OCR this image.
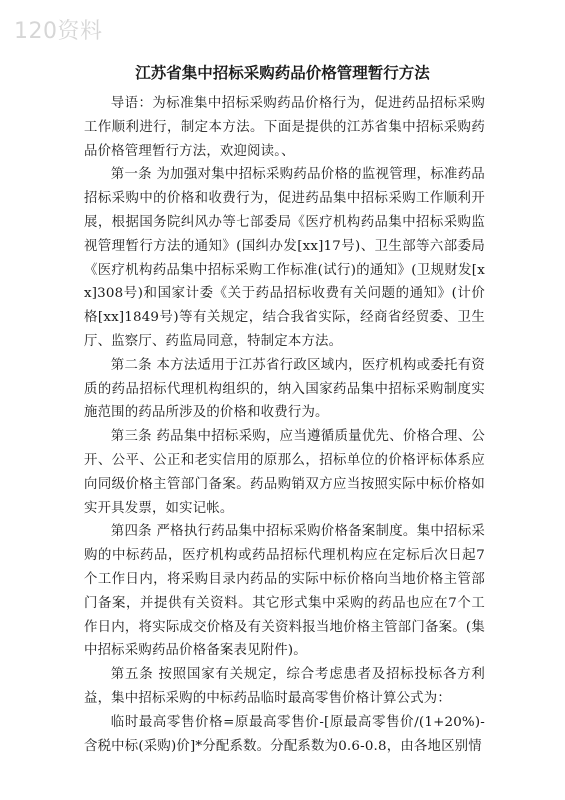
120资料
江苏省集中招标采购药品价格管理暂行方法

导语：为标准集中招标采购药品价格行为，促进药品招标采购工作顺利进行，制定本方法。下面是提供的江苏省集中招标采购药品价格管理暂行方法，欢迎阅读。、

第一条 为加强对集中招标采购药品价格的监视管理，标准药品招标采购中的价格和收费行为，促进药品集中招标采购工作顺利开展，根据国务院纠风办等七部委局《医疗机构药品集中招标采购监视管理暂行方法的通知》(国纠办发[xx]17号)、卫生部等六部委局《医疗机构药品集中招标采购工作标准(试行)的通知》(卫规财发[xx]308号)和国家计委《关于药品招标收费有关问题的通知》(计价格[xx]1849号)等有关规定，结合我省实际，经商省经贸委、卫生厅、监察厅、药监局同意，特制定本方法。

第二条 本方法适用于江苏省行政区域内，医疗机构或委托有资质的药品招标代理机构组织的，纳入国家药品集中招标采购制度实施范围的药品所涉及的价格和收费行为。

第三条 药品集中招标采购，应当遵循质量优先、价格合理、公开、公平、公正和老实信用的原那么，招标单位的价格评标体系应向同级价格主管部门备案。药品购销双方应当按照实际中标价格如实开具发票，如实记帐。

第四条 严格执行药品集中招标采购价格备案制度。集中招标采购的中标药品，医疗机构或药品招标代理机构应在定标后次日起7个工作日内，将采购目录内药品的实际中标价格向当地价格主管部门备案，并提供有关资料。其它形式集中采购的药品也应在7个工作日内，将实际成交价格及有关资料报当地价格主管部门备案。(集中招标采购药品价格备案表见附件)。

第五条 按照国家有关规定，综合考虑患者及招标投标各方利益，集中招标采购的中标药品临时最高零售价格计算公式为：

临时最高零售价格=原最高零售价-[原最高零售价/(1+20%)-含税中标(采购)价]*分配系数。分配系数为0.6-0.8，由各地区别情
